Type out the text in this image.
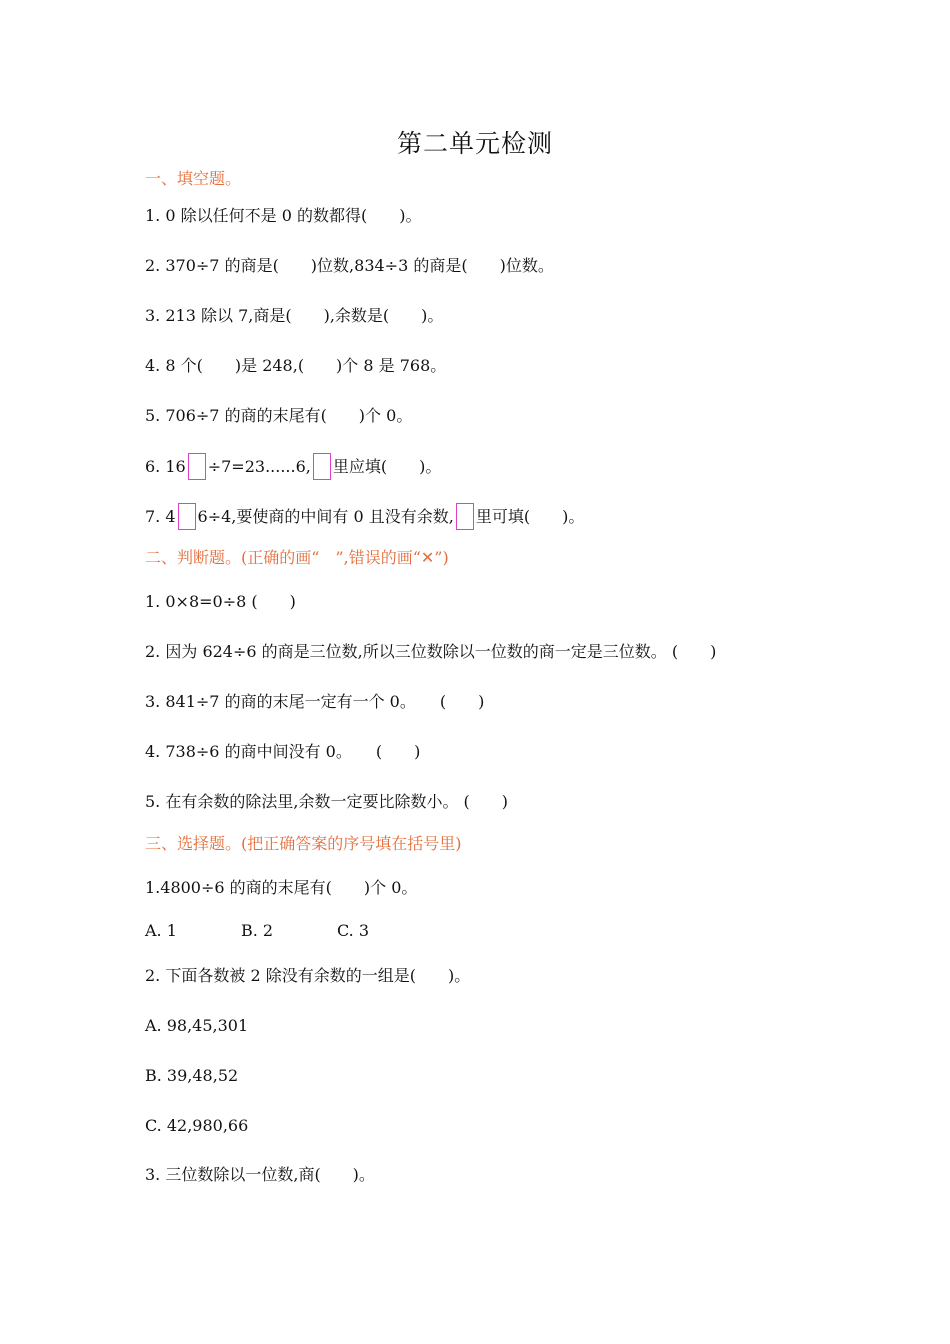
第二单元检测
一、填空题。
1. 0 除以任何不是 0 的数都得(　　)。
2. 370÷7 的商是(　　)位数,834÷3 的商是(　　)位数。
3. 213 除以 7,商是(　　),余数是(　　)。
4. 8 个(　　)是 248,(　　)个 8 是 768。
5. 706÷7 的商的末尾有(　　)个 0。
6. 16 ÷7=23......6, 里应填(　　)。
7. 4 6÷4,要使商的中间有 0 且没有余数, 里可填(　　)。
二、判断题。(正确的画“　”,错误的画“✕”)
1. 0×8=0÷8 (　　)
2. 因为 624÷6 的商是三位数,所以三位数除以一位数的商一定是三位数。 (　　)
3. 841÷7 的商的末尾一定有一个 0。　　(　　)
4. 738÷6 的商中间没有 0。　　(　　)
5. 在有余数的除法里,余数一定要比除数小。 (　　)
三、选择题。(把正确答案的序号填在括号里)
1.4800÷6 的商的末尾有(　　)个 0。
A. 1	B. 2	C. 3
2. 下面各数被 2 除没有余数的一组是(　　)。
A. 98,45,301
B. 39,48,52
C. 42,980,66
3. 三位数除以一位数,商(　　)。
